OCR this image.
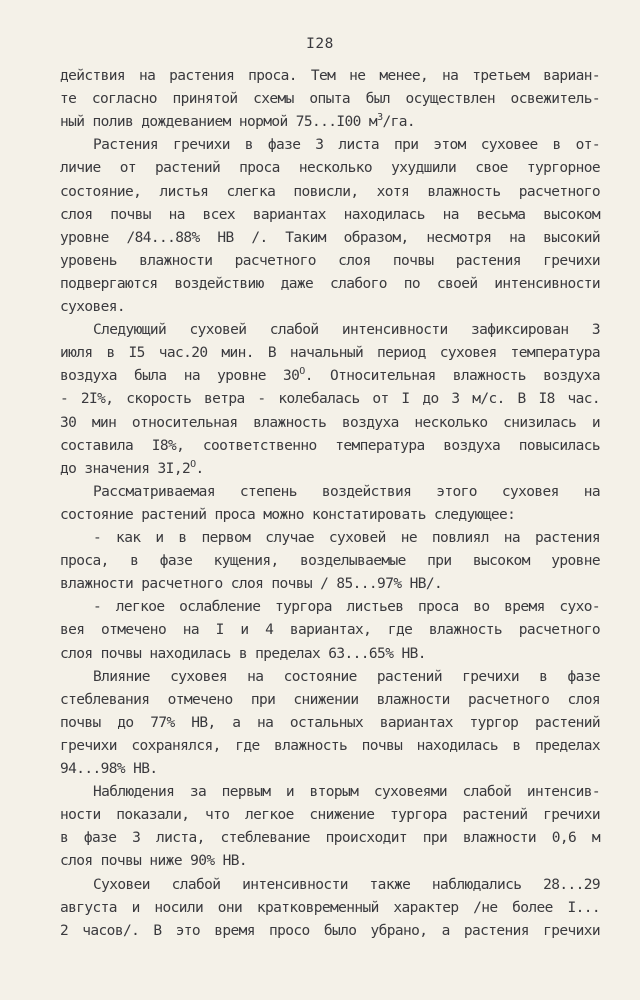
I28
действия на растения проса. Тем не менее, на третьем вариан-
те согласно принятой схемы опыта был осуществлен освежитель-
ный полив дождеванием нормой 75...I00 $м^3/га$.
Растения гречихи в фазе 3 листа при этом суховее в от-
личие от растений проса несколько ухудшили свое тургорное
состояние, листья слегка повисли, хотя влажность расчетного
слоя почвы на всех вариантах находилась на весьма высоком
уровне /84...88% НВ /. Таким образом, несмотря на высокий
уровень влажности расчетного слоя почвы растения гречихи
подвергаются воздействию даже слабого по своей интенсивности
суховея.
Следующий суховей слабой интенсивности зафиксирован 3
июля в I5 час.20 мин. В начальный период суховея температура
воздуха была на уровне $30^O$. Относительная влажность воздуха
- 2I%, скорость ветра - колебалась от I до 3 м/с. В I8 час.
30 мин относительная влажность воздуха несколько снизилась и
составила I8%, соответственно температура воздуха повысилась
до значения $3I,2^O$.
Рассматриваемая степень воздействия этого суховея на
состояние растений проса можно констатировать следующее:
- как и в первом случае суховей не повлиял на растения
проса, в фазе кущения, возделываемые при высоком уровне
влажности расчетного слоя почвы / 85...97% НВ/.
- легкое ослабление тургора листьев проса во время сухо-
вея отмечено на I и 4 вариантах, где влажность расчетного
слоя почвы находилась в пределах 63...65% НВ.
Влияние суховея на состояние растений гречихи в фазе
стеблевания отмечено при снижении влажности расчетного слоя
почвы до 77% НВ, а на остальных вариантах тургор растений
гречихи сохранялся, где влажность почвы находилась в пределах
94...98% НВ.
Наблюдения за первым и вторым суховеями слабой интенсив-
ности показали, что легкое снижение тургора растений гречихи
в фазе 3 листа, стеблевание происходит при влажности 0,6 м
слоя почвы ниже 90% НВ.
Суховеи слабой интенсивности также наблюдались 28...29
августа и носили они кратковременный характер /не более I...
2 часов/. В это время просо было убрано, а растения гречихи
